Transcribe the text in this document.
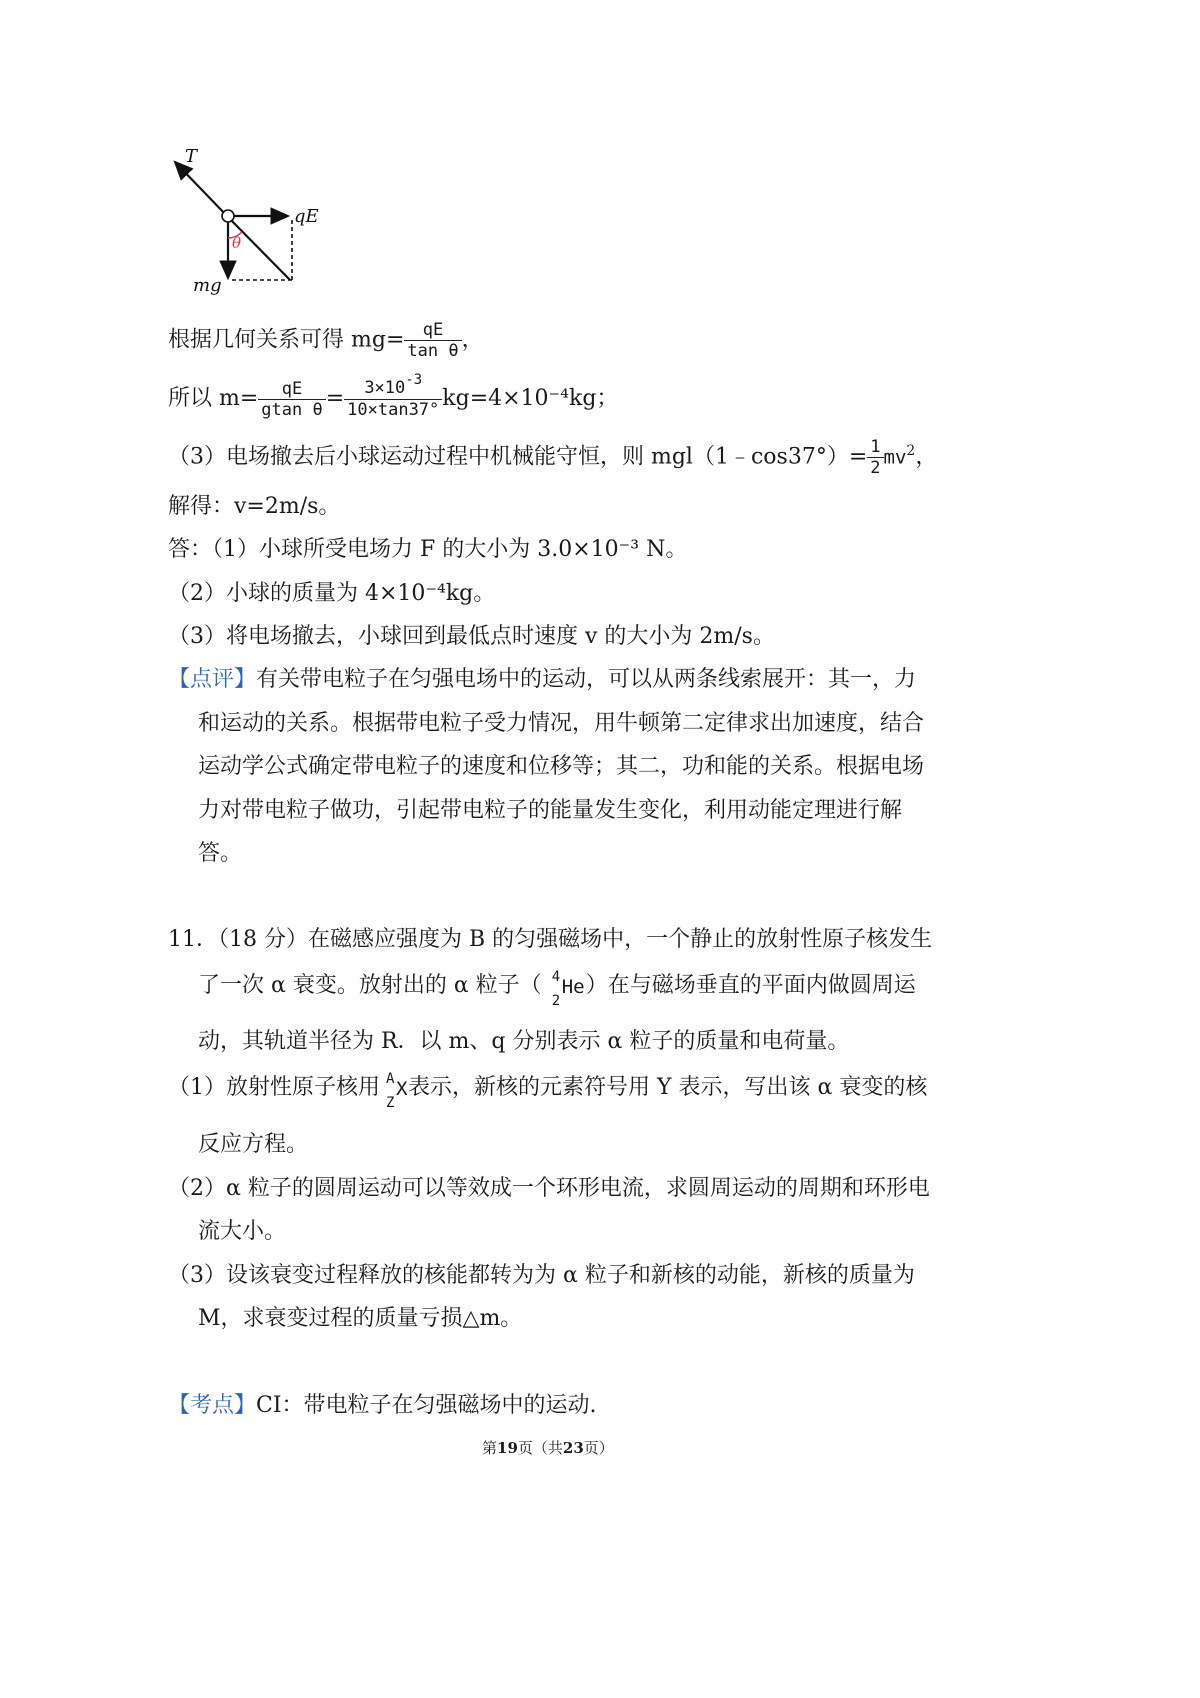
T
qE
θ
mg
根据几何关系可得 $mg= \frac{qE}{\text{tan θ}}$ ，
所以 $m= \frac{qE}{\text{gtan θ}} = \frac{3\times 10^{-3}}{10\times\tan 37^\circ} kg=4\times 10^{-4}kg$；
（3）电场撤去后小球运动过程中机械能守恒，则 mgl（1﹣cos37°）= $\frac{1}{2} mv^2$，
解得：v=2m/s。
答：（1）小球所受电场力 F 的大小为 3.0×10⁻³ N。
（2）小球的质量为 4×10⁻⁴kg。
（3）将电场撤去，小球回到最低点时速度 v 的大小为 2m/s。
【点评】有关带电粒子在匀强电场中的运动，可以从两条线索展开：其一，力
和运动的关系。根据带电粒子受力情况，用牛顿第二定律求出加速度，结合
运动学公式确定带电粒子的速度和位移等；其二，功和能的关系。根据电场
力对带电粒子做功，引起带电粒子的能量发生变化，利用动能定理进行解
答。
11．（18 分）在磁感应强度为 B 的匀强磁场中，一个静止的放射性原子核发生
了一次 α 衰变。放射出的 α 粒子（ 4
2
He ）在与磁场垂直的平面内做圆周运
动，其轨道半径为 R．以 m、q 分别表示 α 粒子的质量和电荷量。
（1）放射性原子核用 A
Z
X 表示，新核的元素符号用 Y 表示，写出该 α 衰变的核
反应方程。
（2）α 粒子的圆周运动可以等效成一个环形电流，求圆周运动的周期和环形电
流大小。
（3）设该衰变过程释放的核能都转为为 α 粒子和新核的动能，新核的质量为
M，求衰变过程的质量亏损△m。
【考点】CI：带电粒子在匀强磁场中的运动.
第19页（共23页）
